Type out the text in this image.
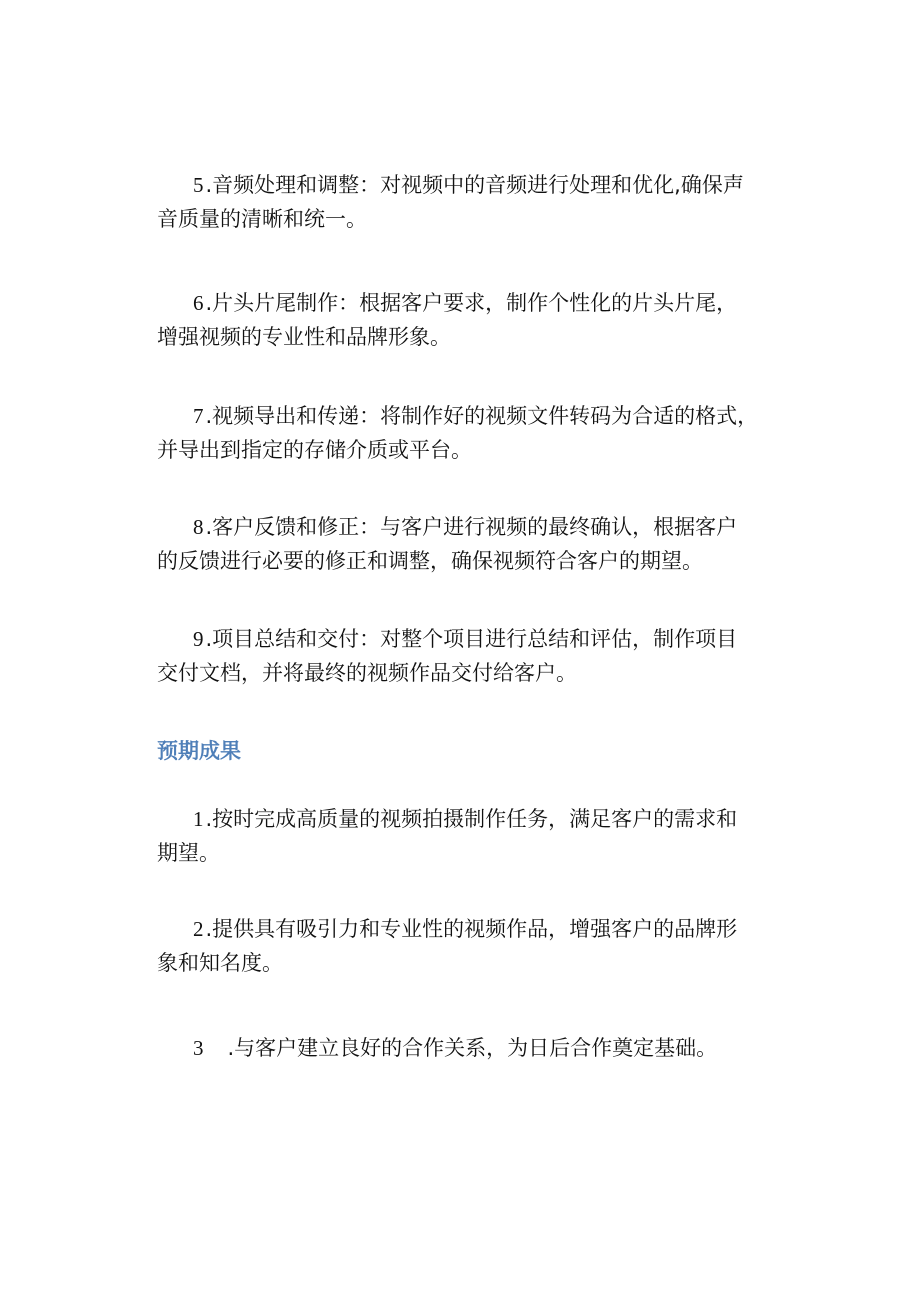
5.音频处理和调整：对视频中的音频进行处理和优化,确保声
音质量的清晰和统一。

6.片头片尾制作：根据客户要求，制作个性化的片头片尾，
增强视频的专业性和品牌形象。

7.视频导出和传递：将制作好的视频文件转码为合适的格式，
并导出到指定的存储介质或平台。

8.客户反馈和修正：与客户进行视频的最终确认，根据客户
的反馈进行必要的修正和调整，确保视频符合客户的期望。

9.项目总结和交付：对整个项目进行总结和评估，制作项目
交付文档，并将最终的视频作品交付给客户。

预期成果

1.按时完成高质量的视频拍摄制作任务，满足客户的需求和
期望。

2.提供具有吸引力和专业性的视频作品，增强客户的品牌形
象和知名度。

3 .与客户建立良好的合作关系，为日后合作奠定基础。
